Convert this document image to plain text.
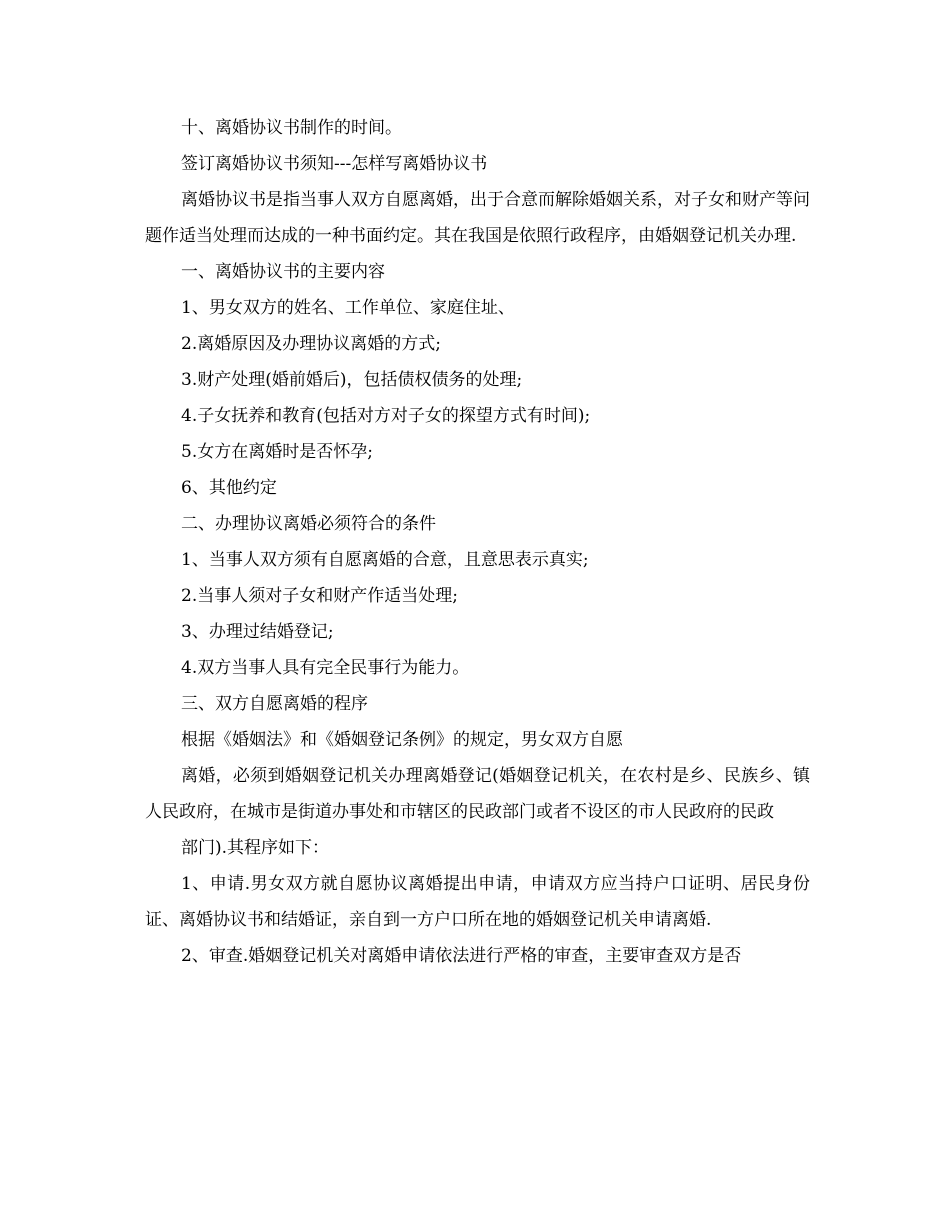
十、离婚协议书制作的时间。

签订离婚协议书须知---怎样写离婚协议书

离婚协议书是指当事人双方自愿离婚，出于合意而解除婚姻关系，对子女和财产等问题作适当处理而达成的一种书面约定。其在我国是依照行政程序，由婚姻登记机关办理.

一、离婚协议书的主要内容

1、男女双方的姓名、工作单位、家庭住址、

2.离婚原因及办理协议离婚的方式;

3.财产处理(婚前婚后)，包括债权债务的处理;

4.子女抚养和教育(包括对方对子女的探望方式有时间);

5.女方在离婚时是否怀孕;

6、其他约定

二、办理协议离婚必须符合的条件

1、当事人双方须有自愿离婚的合意，且意思表示真实;

2.当事人须对子女和财产作适当处理;

3、办理过结婚登记;

4.双方当事人具有完全民事行为能力。

三、双方自愿离婚的程序

根据《婚姻法》和《婚姻登记条例》的规定，男女双方自愿

离婚，必须到婚姻登记机关办理离婚登记(婚姻登记机关，在农村是乡、民族乡、镇人民政府，在城市是街道办事处和市辖区的民政部门或者不设区的市人民政府的民政

部门).其程序如下：

1、申请.男女双方就自愿协议离婚提出申请，申请双方应当持户口证明、居民身份证、离婚协议书和结婚证，亲自到一方户口所在地的婚姻登记机关申请离婚.

2、审查.婚姻登记机关对离婚申请依法进行严格的审查，主要审查双方是否
